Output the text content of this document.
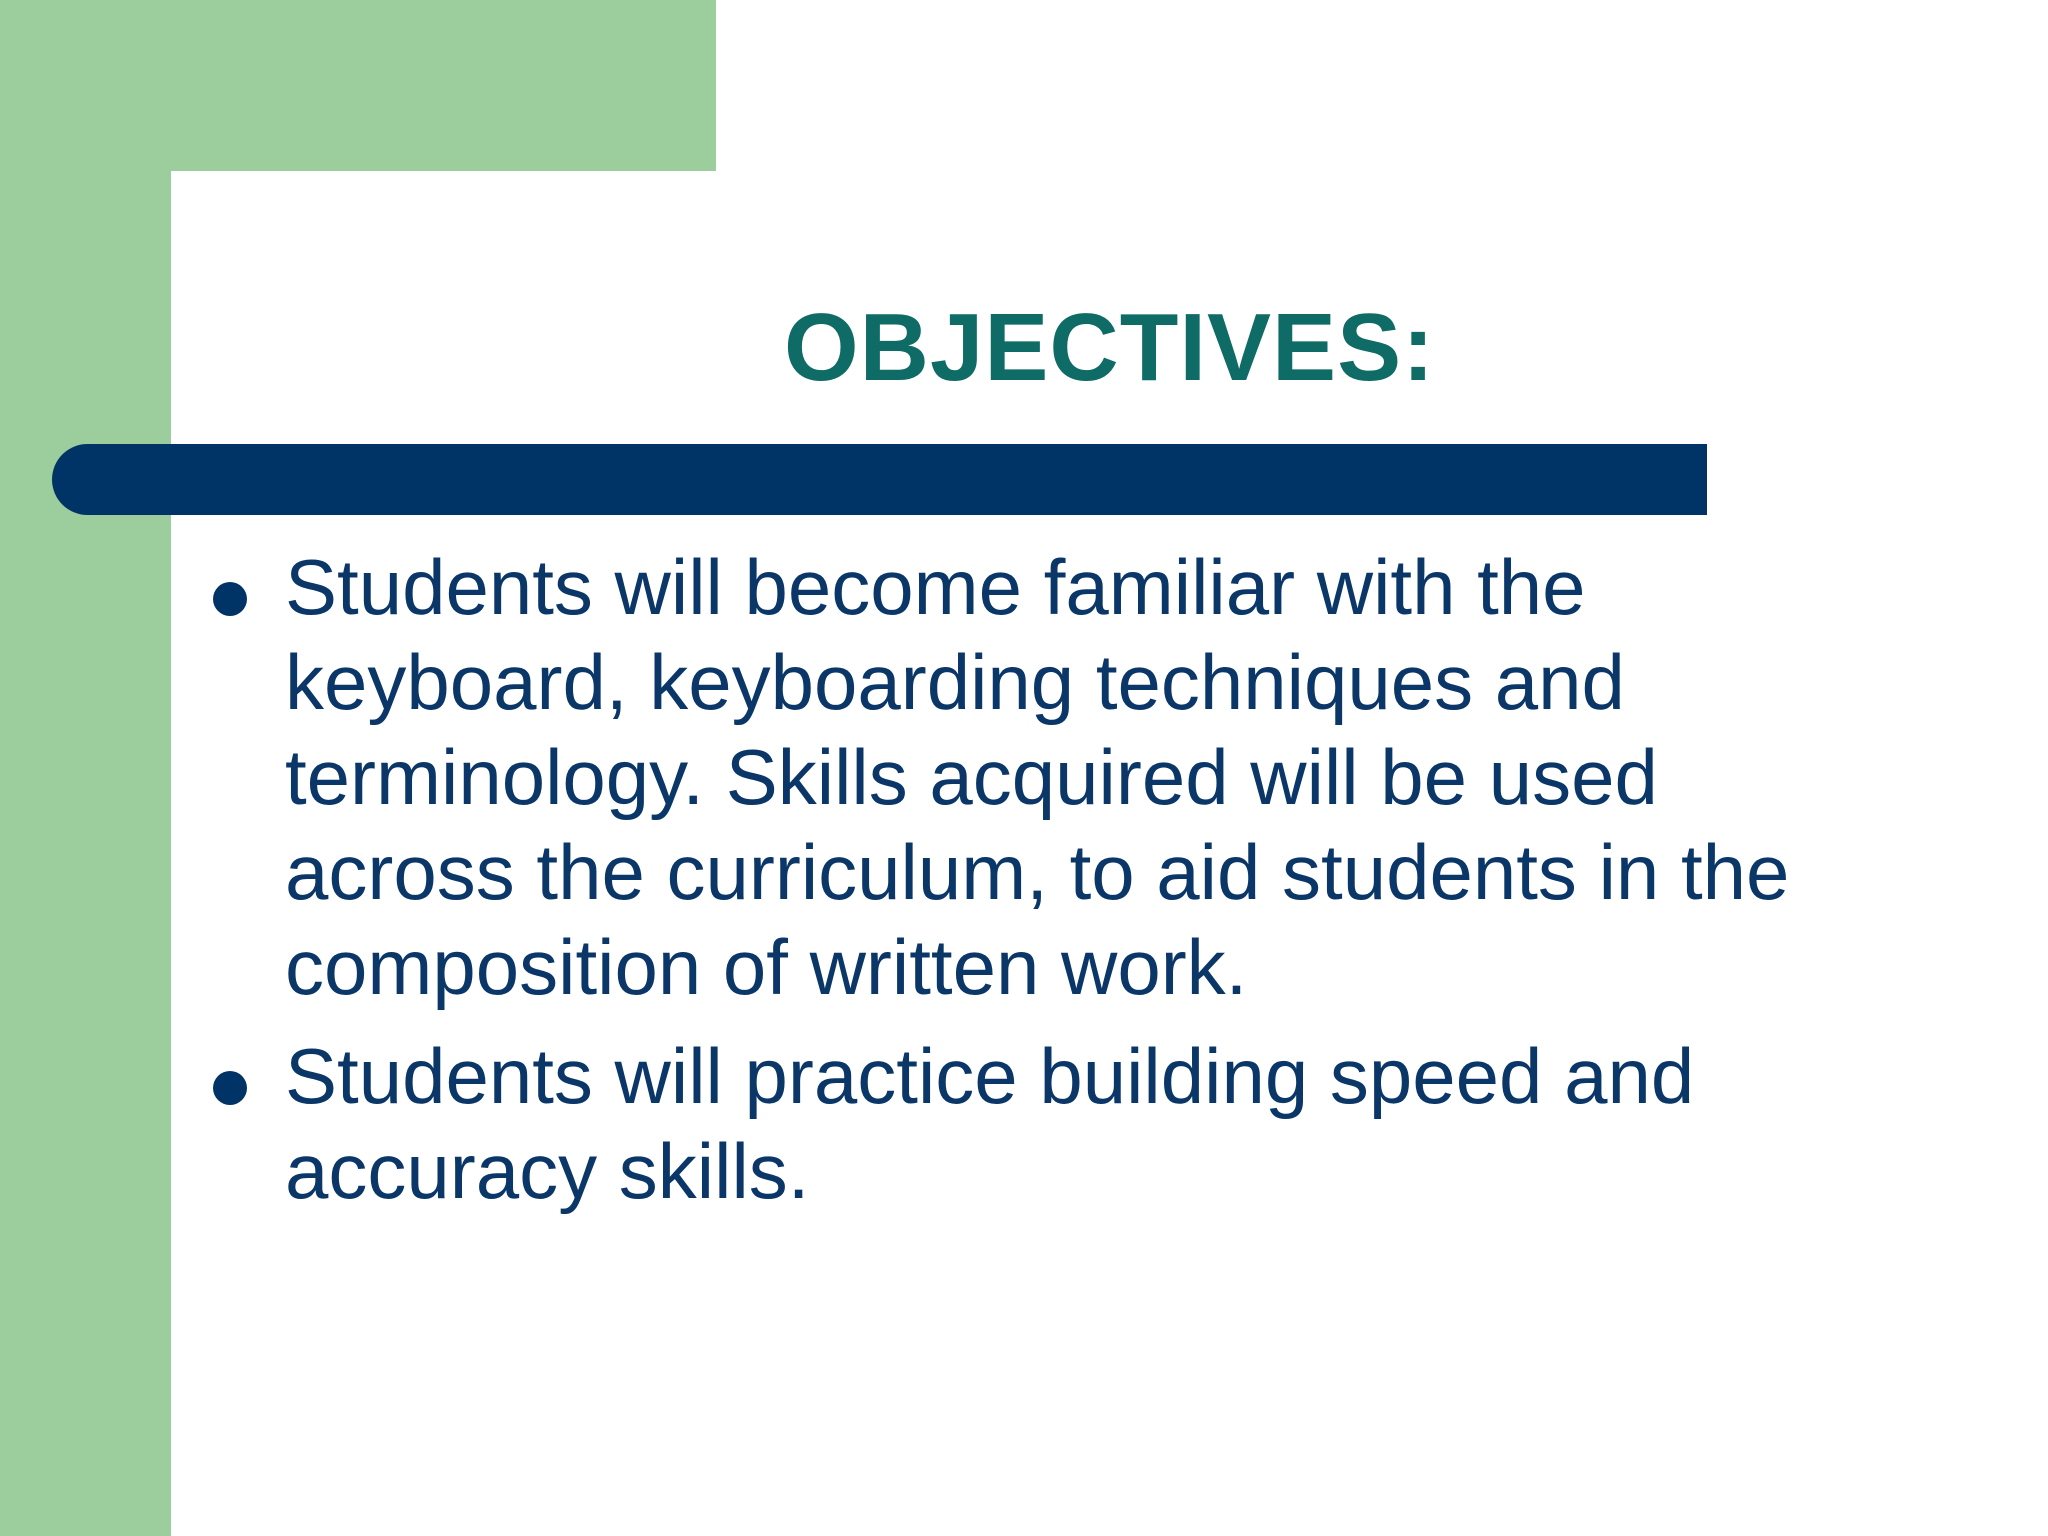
OBJECTIVES:
Students will become familiar with the keyboard, keyboarding techniques and terminology. Skills acquired will be used across the curriculum, to aid students in the composition of written work.
Students will practice building speed and accuracy skills.
